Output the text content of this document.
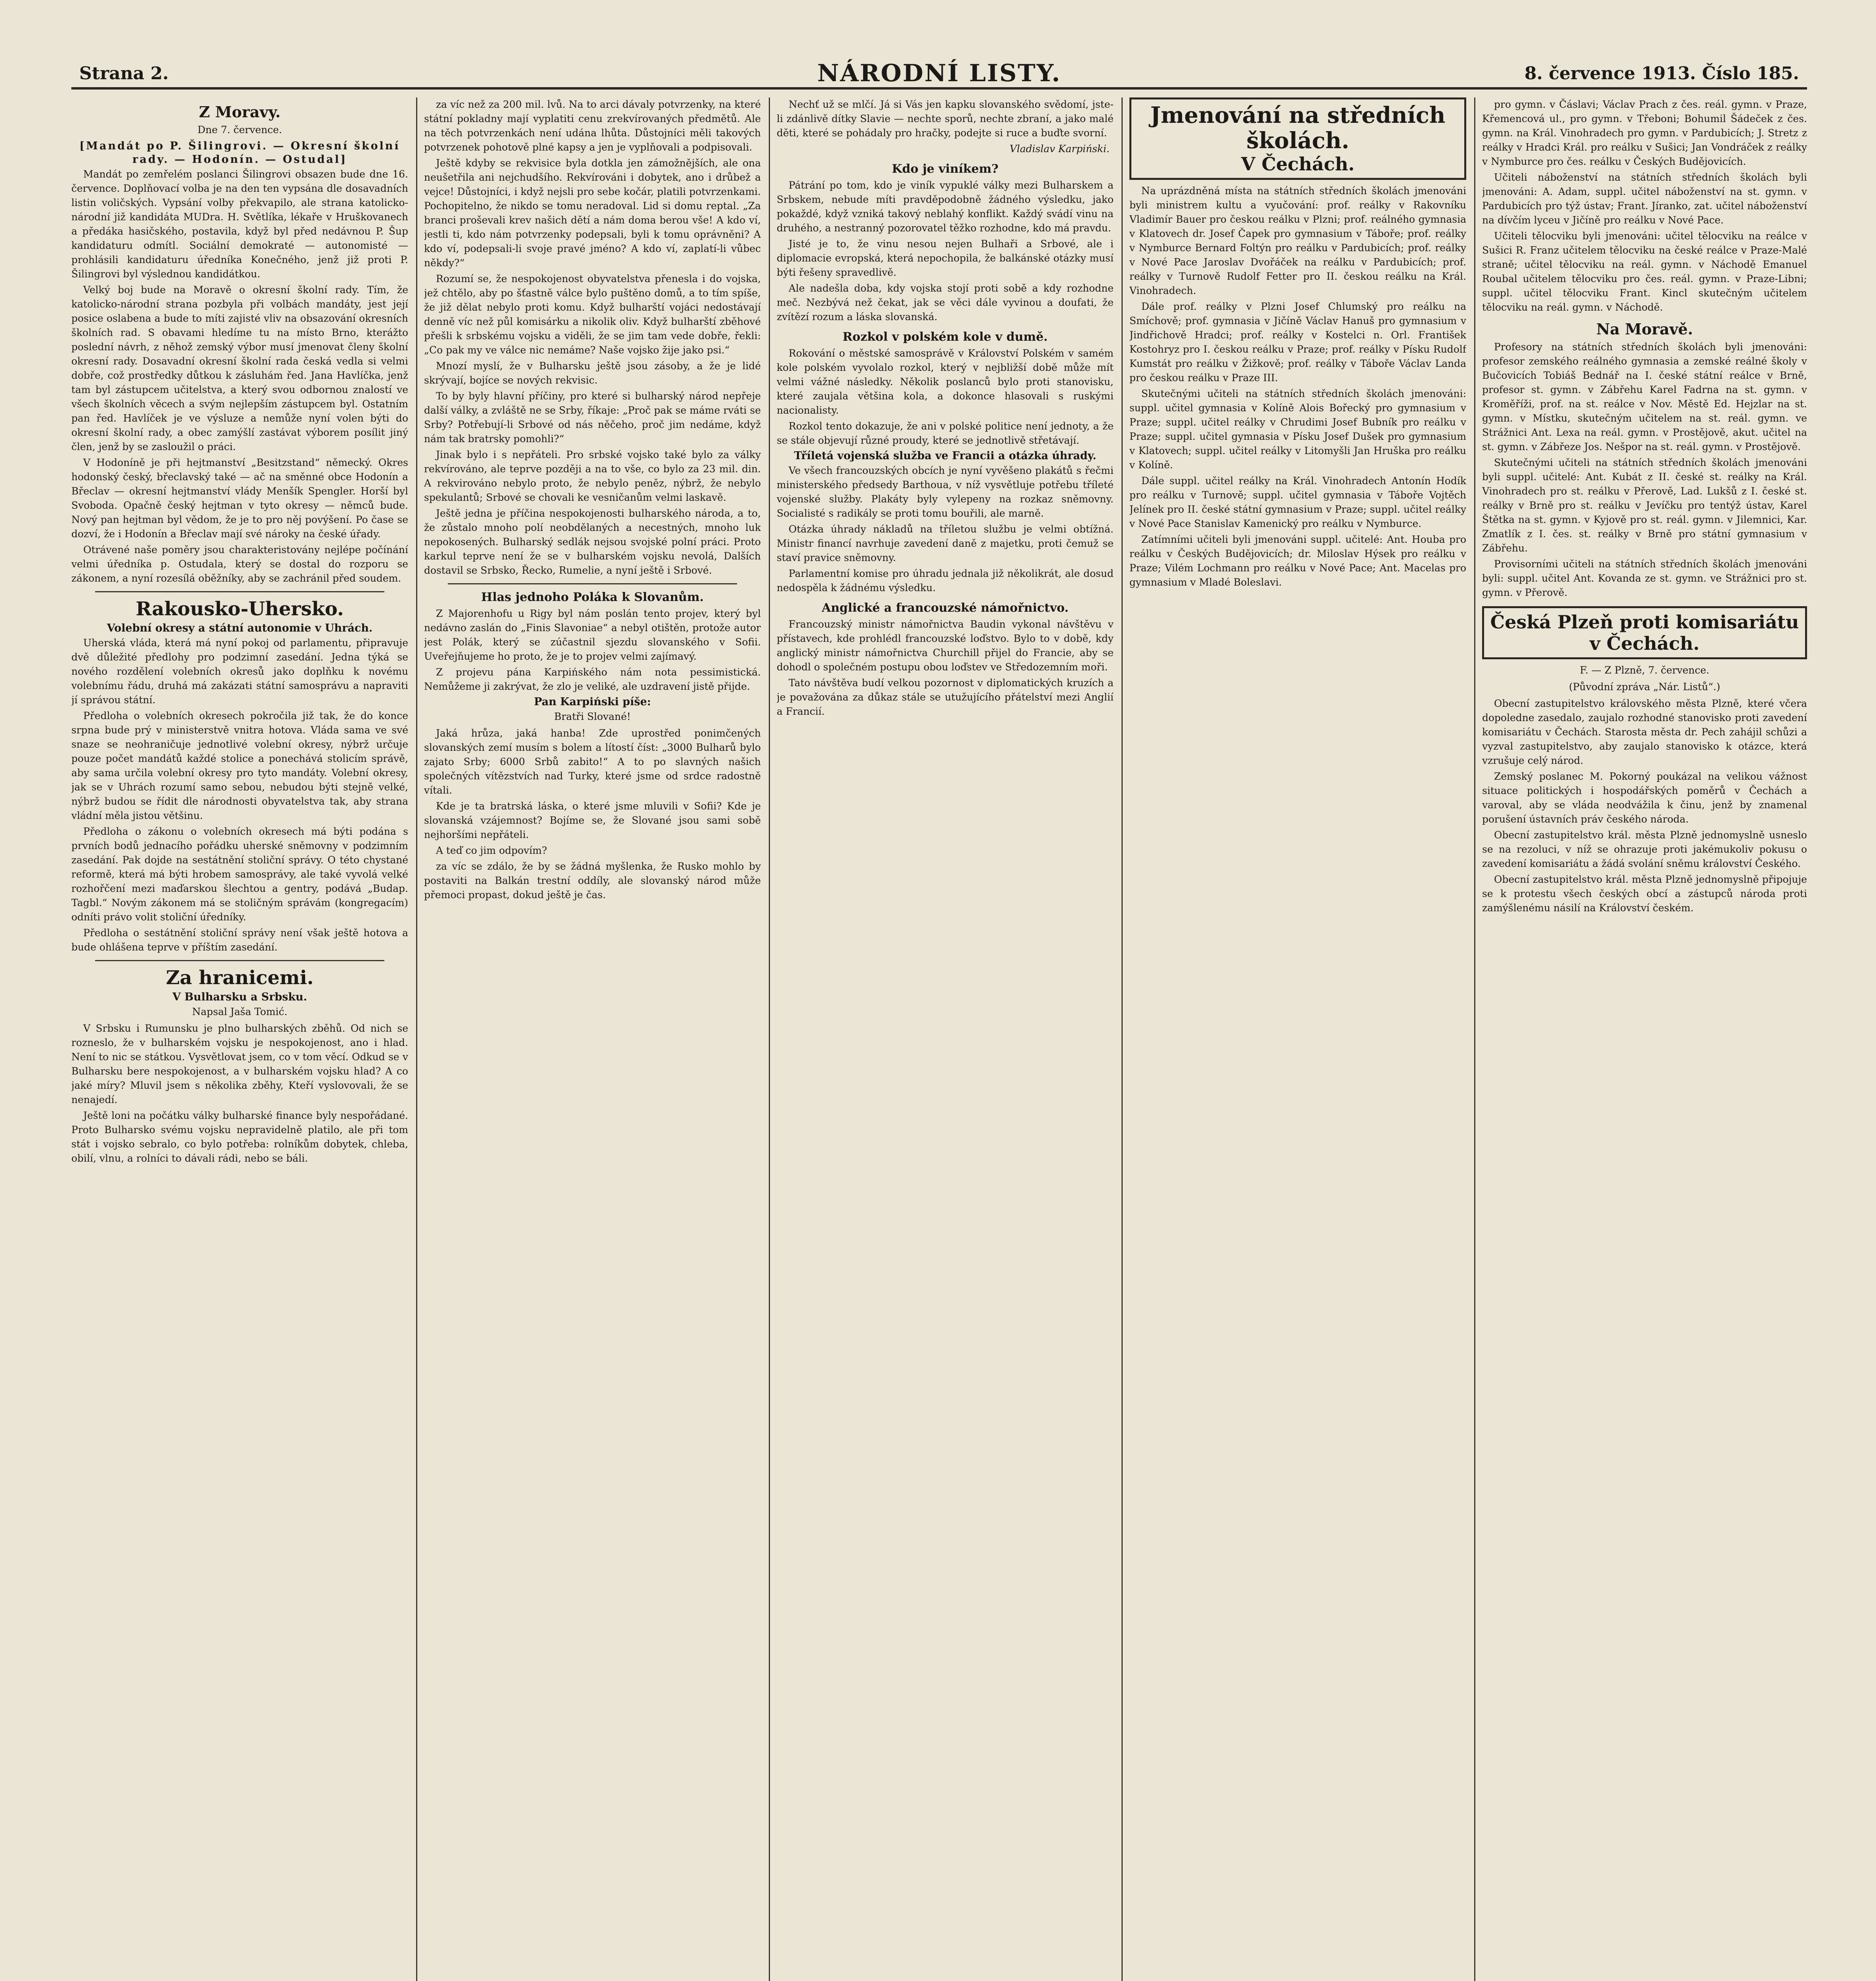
Strana 2.	NÁRODNÍ LISTY.	8. července 1913. Číslo 185.
Z Moravy.
Dne 7. července.
[Mandát po P. Šilingrovi. — Okresní školní rady. — Hodonín. — Ostudal]

Mandát po zemřelém poslanci Šilingrovi obsazen bude dne 16. července. Doplňovací volba je na den ten vypsána dle dosavadních listin voličských. Vypsání volby překvapilo, ale strana katolicko-národní již kandidáta MUDra. H. Světlíka, lékaře v Hruškovanech a předáka hasičského, postavila, když byl před nedávnou P. Šup kandidaturu odmítl. Sociální demokraté — autonomisté — prohlásili kandidaturu úředníka Konečného, jenž již proti P. Šilingrovi byl výslednou kandidátkou.

Velký boj bude na Moravě o okresní školní rady. Tím, že katolicko-národní strana pozbyla při volbách mandáty, jest její posice oslabena a bude to míti zajisté vliv na obsazování okresních školních rad. S obavami hledíme tu na místo Brno, kterážto poslední návrh, z něhož zemský výbor musí jmenovat členy školní okresní rady. Dosavadní okresní školní rada česká vedla si velmi dobře, což prostředky důtkou k zásluhám řed. Jana Havlíčka, jenž tam byl zástupcem učitelstva, a který svou odbornou znalostí ve všech školních věcech a svým nejlepším zástupcem byl. Ostatním pan řed. Havlíček je ve výsluze a nemůže nyní volen býti do okresní školní rady, a obec zamýšlí zastávat výborem posílit jiný člen, jenž by se zasloužil o práci.

V Hodoníně je při hejtmanství „Besitzstand“ německý. Okres hodonský český, břeclavský také — ač na směnné obce Hodonín a Břeclav — okresní hejtmanství vlády Menšík Spengler. Horší byl Svoboda. Opačně český hejtman v tyto okresy — němců bude. Nový pan hejtman byl vědom, že je to pro něj povýšení. Po čase se dozví, že i Hodonín a Břeclav mají své nároky na české úřady.

Otrávené naše poměry jsou charakteristovány nejlépe počínání velmi úředníka p. Ostudala, který se dostal do rozporu se zákonem, a nyní rozesílá oběžníky, aby se zachránil před soudem.

Rakousko-Uhersko.
Volební okresy a státní autonomie v Uhrách.

Uherská vláda, která má nyní pokoj od parlamentu, připravuje dvě důležité předlohy pro podzimní zasedání. Jedna týká se nového rozdělení volebních okresů jako doplňku k novému volebnímu řádu, druhá má zakázati státní samosprávu a napraviti jí správou státní.

Předloha o volebních okresech pokročila již tak, že do konce srpna bude prý v ministerstvě vnitra hotova. Vláda sama ve své snaze se neohraničuje jednotlivé volební okresy, nýbrž určuje pouze počet mandátů každé stolice a ponechává stolicím správě, aby sama určila volební okresy pro tyto mandáty. Volební okresy, jak se v Uhrách rozumí samo sebou, nebudou býti stejně velké, nýbrž budou se řídit dle národnosti obyvatelstva tak, aby strana vládní měla jistou většinu.

Předloha o zákonu o volebních okresech má býti podána s prvních bodů jednacího pořádku uherské sněmovny v podzimním zasedání. Pak dojde na sestátnění stoliční správy. O této chystané reformě, která má býti hrobem samosprávy, ale také vyvolá velké rozhořčení mezi maďarskou šlechtou a gentry, podává „Budap. Tagbl.“ Novým zákonem má se stoličným správám (kongregacím) odníti právo volit stoliční úředníky.

Předloha o sestátnění stoliční správy není však ještě hotova a bude ohlášena teprve v příštím zasedání.

Za hranicemi.
V Bulharsku a Srbsku.
Napsal Jaša Tomić.

V Srbsku i Rumunsku je plno bulharských zběhů. Od nich se rozneslo, že v bulharském vojsku je nespokojenost, ano i hlad. Není to nic se státkou. Vysvětlovat jsem, co v tom věcí. Odkud se v Bulharsku bere nespokojenost, a v bulharském vojsku hlad? A co jaké míry? Mluvil jsem s několika zběhy, Kteří vyslovovali, že se nenajedí.

Ještě loni na počátku války bulharské finance byly nespořádané. Proto Bulharsko svému vojsku nepravidelně platilo, ale při tom stát i vojsko sebralo, co bylo potřeba: rolníkům dobytek, chleba, obilí, vlnu, a rolníci to dávali rádi, nebo se báli.

za víc než za 200 mil. lvů. Na to arci dávaly potvrzenky, na které státní pokladny mají vyplatiti cenu zrekvírovaných předmětů. Ale na těch potvrzenkách není udána lhůta. Důstojníci měli takových potvrzenek pohotově plné kapsy a jen je vyplňovali a podpisovali.

Ještě kdyby se rekvisice byla dotkla jen zámožnějších, ale ona neušetřila ani nejchudšího. Rekvírováni i dobytek, ano i drůbež a vejce! Důstojníci, i když nejsli pro sebe kočár, platili potvrzenkami. Pochopitelno, že nikdo se tomu neradoval. Lid si domu reptal. „Za branci proševali krev našich dětí a nám doma berou vše! A kdo ví, jestli ti, kdo nám potvrzenky podepsali, byli k tomu oprávněni? A kdo ví, podepsali-li svoje pravé jméno? A kdo ví, zaplatí-li vůbec někdy?“

Rozumí se, že nespokojenost obyvatelstva přenesla i do vojska, jež chtělo, aby po šťastně válce bylo puštěno domů, a to tím spíše, že již dělat nebylo proti komu. Když bulharští vojáci nedostávají denně víc než půl komisárku a nikolik oliv. Když bulharští zběhové přešli k srbskému vojsku a viděli, že se jim tam vede dobře, řekli: „Co pak my ve válce nic nemáme? Naše vojsko žije jako psi.“

Mnozí myslí, že v Bulharsku ještě jsou zásoby, a že je lidé skrývají, bojíce se nových rekvisic.

To by byly hlavní příčiny, pro které si bulharský národ nepřeje další války, a zvláště ne se Srby, říkaje: „Proč pak se máme rváti se Srby? Potřebují-li Srbové od nás něčeho, proč jim nedáme, když nám tak bratrsky pomohli?“

Jinak bylo i s nepřáteli. Pro srbské vojsko také bylo za války rekvírováno, ale teprve později a na to vše, co bylo za 23 mil. din. A rekvirováno nebylo proto, že nebylo peněz, nýbrž, že nebylo spekulantů; Srbové se chovali ke vesničanům velmi laskavě.

Ještě jedna je příčina nespokojenosti bulharského národa, a to, že zůstalo mnoho polí neobdělaných a necestných, mnoho luk nepokosených. Bulharský sedlák nejsou svojské polní práci. Proto karkul teprve není že se v bulharském vojsku nevolá, Dalších dostavil se Srbsko, Řecko, Rumelie, a nyní ještě i Srbové.

Hlas jednoho Poláka k Slovanům.

Z Majorenhofu u Rigy byl nám poslán tento projev, který byl nedávno zaslán do „Finis Slavoniae“ a nebyl otištěn, protože autor jest Polák, který se zúčastnil sjezdu slovanského v Sofii. Uveřejňujeme ho proto, že je to projev velmi zajímavý.

Z projevu pána Karpińského nám nota pessimistická. Nemůžeme ji zakrývat, že zlo je veliké, ale uzdravení jistě přijde.

Pan Karpiński píše:
Bratři Slované!

Jaká hrůza, jaká hanba! Zde uprostřed ponimčených slovanských zemí musím s bolem a lítostí číst: „3000 Bulharů bylo zajato Srby; 6000 Srbů zabito!“ A to po slavných našich společných vítězstvích nad Turky, které jsme od srdce radostně vítali.

Kde je ta bratrská láska, o které jsme mluvili v Sofii? Kde je slovanská vzájemnost? Bojíme se, že Slované jsou sami sobě nejhoršími nepřáteli.

A teď co jim odpovím?

za víc se zdálo, že by se žádná myšlenka, že Rusko mohlo by postaviti na Balkán trestní oddíly, ale slovanský národ může přemoci propast, dokud ještě je čas.

Nechť už se mlčí. Já si Vás jen kapku slovanského svědomí, jste-li zdánlivě dítky Slavie — nechte sporů, nechte zbraní, a jako malé děti, které se pohádaly pro hračky, podejte si ruce a buďte svorní.

Vladislav Karpiński.
Kdo je viníkem?

Pátrání po tom, kdo je viník vypuklé války mezi Bulharskem a Srbskem, nebude míti pravděpodobně žádného výsledku, jako pokaždé, když vzniká takový neblahý konflikt. Každý svádí vinu na druhého, a nestranný pozorovatel těžko rozhodne, kdo má pravdu.

Jisté je to, že vinu nesou nejen Bulhaři a Srbové, ale i diplomacie evropská, která nepochopila, že balkánské otázky musí býti řešeny spravedlivě.

Ale nadešla doba, kdy vojska stojí proti sobě a kdy rozhodne meč. Nezbývá než čekat, jak se věci dále vyvinou a doufati, že zvítězí rozum a láska slovanská.

Rozkol v polském kole v dumě.

Rokování o městské samosprávě v Království Polském v samém kole polském vyvolalo rozkol, který v nejbližší době může mít velmi vážné následky. Několik poslanců bylo proti stanovisku, které zaujala většina kola, a dokonce hlasovali s ruskými nacionalisty.

Rozkol tento dokazuje, že ani v polské politice není jednoty, a že se stále objevují různé proudy, které se jednotlivě střetávají.

Tříletá vojenská služba ve Francii a otázka úhrady.

Ve všech francouzských obcích je nyní vyvěšeno plakátů s řečmi ministerského předsedy Barthoua, v níž vysvětluje potřebu tříleté vojenské služby. Plakáty byly vylepeny na rozkaz sněmovny. Socialisté s radikály se proti tomu bouřili, ale marně.

Otázka úhrady nákladů na tříletou službu je velmi obtížná. Ministr financí navrhuje zavedení daně z majetku, proti čemuž se staví pravice sněmovny.

Parlamentní komise pro úhradu jednala již několikrát, ale dosud nedospěla k žádnému výsledku.

Anglické a francouzské námořnictvo.

Francouzský ministr námořnictva Baudin vykonal návštěvu v přístavech, kde prohlédl francouzské loďstvo. Bylo to v době, kdy anglický ministr námořnictva Churchill přijel do Francie, aby se dohodl o společném postupu obou loďstev ve Středozemním moři.

Tato návštěva budí velkou pozornost v diplomatických kruzích a je považována za důkaz stále se utužujícího přátelství mezi Anglií a Francií.

Jmenování na středních školách.
V Čechách.

Na uprázdněná místa na státních středních školách jmenováni byli ministrem kultu a vyučování: prof. reálky v Rakovníku Vladimír Bauer pro českou reálku v Plzni; prof. reálného gymnasia v Klatovech dr. Josef Čapek pro gymnasium v Táboře; prof. reálky v Nymburce Bernard Foltýn pro reálku v Pardubicích; prof. reálky v Nové Pace Jaroslav Dvořáček na reálku v Pardubicích; prof. reálky v Turnově Rudolf Fetter pro II. českou reálku na Král. Vinohradech.

Dále prof. reálky v Plzni Josef Chlumský pro reálku na Smíchově; prof. gymnasia v Jičíně Václav Hanuš pro gymnasium v Jindřichově Hradci; prof. reálky v Kostelci n. Orl. František Kostohryz pro I. českou reálku v Praze; prof. reálky v Písku Rudolf Kumstát pro reálku v Žižkově; prof. reálky v Táboře Václav Landa pro českou reálku v Praze III.

Skutečnými učiteli na státních středních školách jmenováni: suppl. učitel gymnasia v Kolíně Alois Bořecký pro gymnasium v Praze; suppl. učitel reálky v Chrudimi Josef Bubník pro reálku v Praze; suppl. učitel gymnasia v Písku Josef Dušek pro gymnasium v Klatovech; suppl. učitel reálky v Litomyšli Jan Hruška pro reálku v Kolíně.

Dále suppl. učitel reálky na Král. Vinohradech Antonín Hodík pro reálku v Turnově; suppl. učitel gymnasia v Táboře Vojtěch Jelínek pro II. české státní gymnasium v Praze; suppl. učitel reálky v Nové Pace Stanislav Kamenický pro reálku v Nymburce.

Zatímními učiteli byli jmenováni suppl. učitelé: Ant. Houba pro reálku v Českých Budějovicích; dr. Miloslav Hýsek pro reálku v Praze; Vilém Lochmann pro reálku v Nové Pace; Ant. Macelas pro gymnasium v Mladé Boleslavi.

pro gymn. v Čáslavi; Václav Prach z čes. reál. gymn. v Praze, Křemencová ul., pro gymn. v Třeboni; Bohumil Šádeček z čes. gymn. na Král. Vinohradech pro gymn. v Pardubicích; J. Stretz z reálky v Hradci Král. pro reálku v Sušici; Jan Vondráček z reálky v Nymburce pro čes. reálku v Českých Budějovicích.

Učiteli náboženství na státních středních školách byli jmenováni: A. Adam, suppl. učitel náboženství na st. gymn. v Pardubicích pro týž ústav; Frant. Jíranko, zat. učitel náboženství na dívčím lyceu v Jičíně pro reálku v Nové Pace.

Učiteli tělocviku byli jmenováni: učitel tělocviku na reálce v Sušici R. Franz učitelem tělocviku na české reálce v Praze-Malé straně; učitel tělocviku na reál. gymn. v Náchodě Emanuel Roubal učitelem tělocviku pro čes. reál. gymn. v Praze-Libni; suppl. učitel tělocviku Frant. Kincl skutečným učitelem tělocviku na reál. gymn. v Náchodě.

Na Moravě.

Profesory na státních středních školách byli jmenováni: profesor zemského reálného gymnasia a zemské reálné školy v Bučovicích Tobiáš Bednář na I. české státní reálce v Brně, profesor st. gymn. v Zábřehu Karel Fadrna na st. gymn. v Kroměříži, prof. na st. reálce v Nov. Městě Ed. Hejzlar na st. gymn. v Místku, skutečným učitelem na st. reál. gymn. ve Strážnici Ant. Lexa na reál. gymn. v Prostějově, akut. učitel na st. gymn. v Zábřeze Jos. Nešpor na st. reál. gymn. v Prostějově.

Skutečnými učiteli na státních středních školách jmenováni byli suppl. učitelé: Ant. Kubát z II. české st. reálky na Král. Vinohradech pro st. reálku v Přerově, Lad. Lukšů z I. české st. reálky v Brně pro st. reálku v Jevíčku pro tentýž ústav, Karel Štětka na st. gymn. v Kyjově pro st. reál. gymn. v Jilemnici, Kar. Zmatlík z I. čes. st. reálky v Brně pro státní gymnasium v Zábřehu.

Provisorními učiteli na státních středních školách jmenováni byli: suppl. učitel Ant. Kovanda ze st. gymn. ve Strážnici pro st. gymn. v Přerově.

Česká Plzeň proti komisariátu
v Čechách.
F. — Z Plzně, 7. července.
(Původní zpráva „Nár. Listů“.)

Obecní zastupitelstvo královského města Plzně, které včera dopoledne zasedalo, zaujalo rozhodné stanovisko proti zavedení komisariátu v Čechách. Starosta města dr. Pech zahájil schůzi a vyzval zastupitelstvo, aby zaujalo stanovisko k otázce, která vzrušuje celý národ.

Zemský poslanec M. Pokorný poukázal na velikou vážnost situace politických i hospodářských poměrů v Čechách a varoval, aby se vláda neodvážila k činu, jenž by znamenal porušení ústavních práv českého národa.

Obecní zastupitelstvo král. města Plzně jednomyslně usneslo se na rezoluci, v níž se ohrazuje proti jakémukoliv pokusu o zavedení komisariátu a žádá svolání sněmu království Českého.

Obecní zastupitelstvo král. města Plzně jednomyslně připojuje se k protestu všech českých obcí a zástupců národa proti zamýšlenému násilí na Království českém.
